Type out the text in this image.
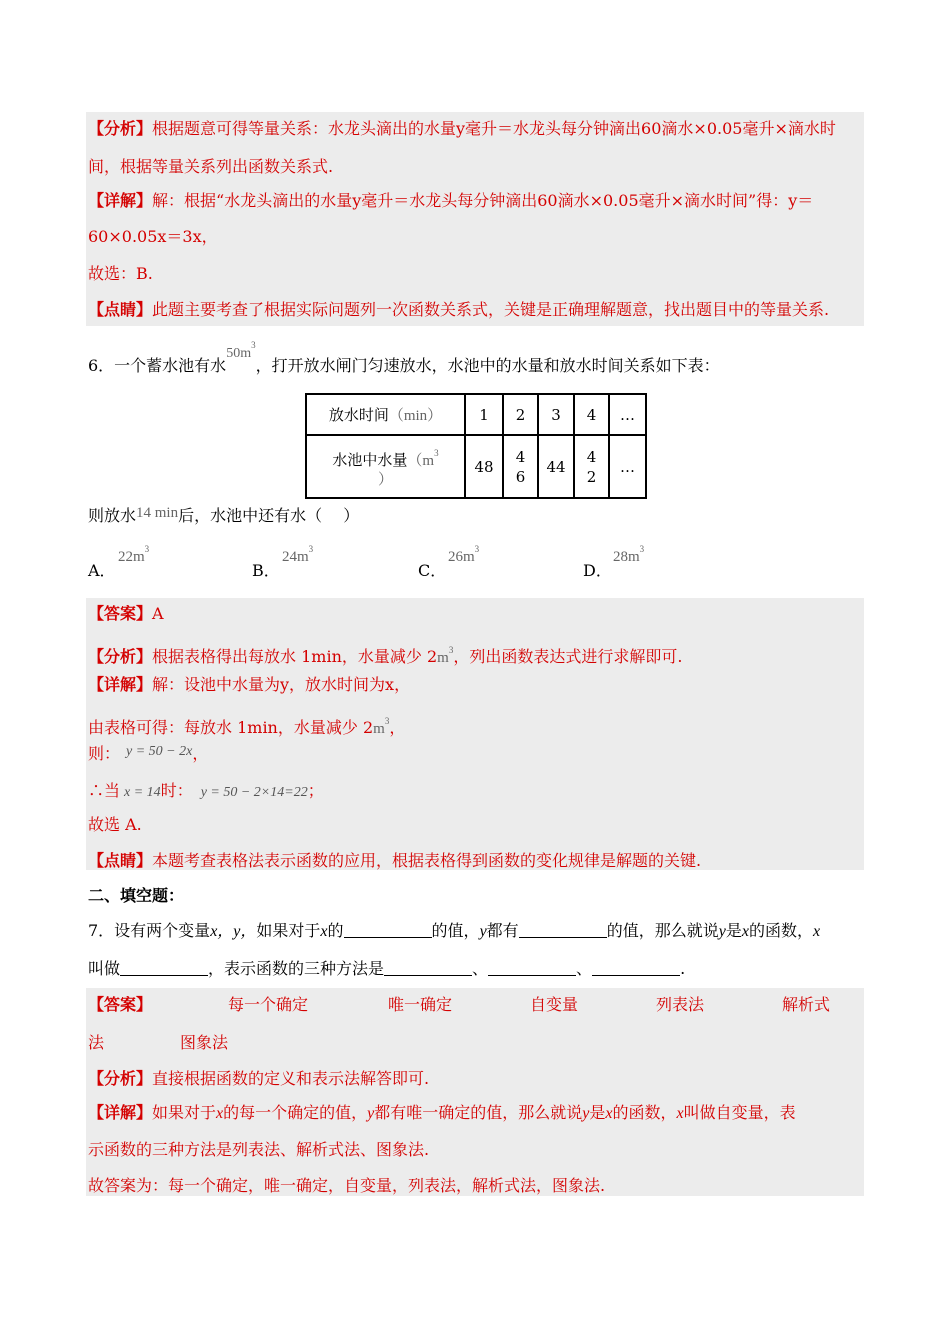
【分析】根据题意可得等量关系：水龙头滴出的水量y毫升＝水龙头每分钟滴出60滴水×0.05毫升×滴水时
间，根据等量关系列出函数关系式.
【详解】解：根据“水龙头滴出的水量y毫升＝水龙头每分钟滴出60滴水×0.05毫升×滴水时间”得：y＝
60×0.05x＝3x，
故选：B.
【点睛】此题主要考查了根据实际问题列一次函数关系式，关键是正确理解题意，找出题目中的等量关系.
6．一个蓄水池有水$50m^3$，打开放水闸门匀速放水，水池中的水量和放水时间关系如下表：
放水时间（min）	1	2	3	4	…
水池中水量（$m^3$
）	48	4 6	44	4 2	…
则放水14 min后，水池中还有水（　 ）
A．
$22m^3$
B．
$24m^3$
C．
$26m^3$
D．
$28m^3$
【答案】A
【分析】根据表格得出每放水 1min，水量减少 $2m^3$，列出函数表达式进行求解即可.
【详解】解：设池中水量为y，放水时间为x，
由表格可得：每放水 1min，水量减少 $2m^3$，
则： y = 50 − 2x，
∴当 x = 14时： y = 50 − 2×14=22；
故选 A.
【点睛】本题考查表格法表示函数的应用，根据表格得到函数的变化规律是解题的关键.
二、填空题：
7．设有两个变量x，y，如果对于x的	的值，y都有	的值，那么就说y是x的函数，x
叫做	，表示函数的三种方法是	、	、	.
【答案】	每一个确定	唯一确定	自变量	列表法	解析式
法	图象法
【分析】直接根据函数的定义和表示法解答即可.
【详解】如果对于x的每一个确定的值，y都有唯一确定的值，那么就说y是x的函数，x叫做自变量，表
示函数的三种方法是列表法、解析式法、图象法.
故答案为：每一个确定，唯一确定，自变量，列表法，解析式法，图象法.
